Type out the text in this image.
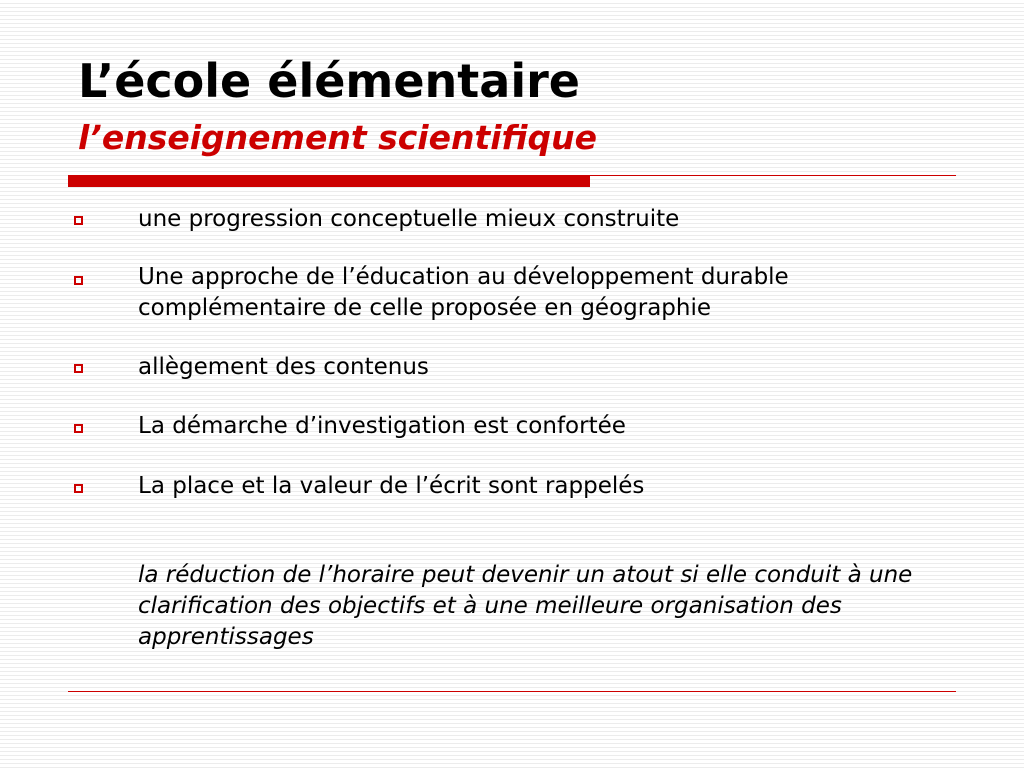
L’école élémentaire
l’enseignement scientifique
une progression conceptuelle mieux construite
Une approche de l’éducation au développement durable complémentaire de celle proposée en géographie
allègement des contenus
La démarche d’investigation est confortée
La place et la valeur de l’écrit sont rappelés

la réduction de l’horaire peut devenir un atout si elle conduit à une clarification des objectifs et à une meilleure organisation des apprentissages
